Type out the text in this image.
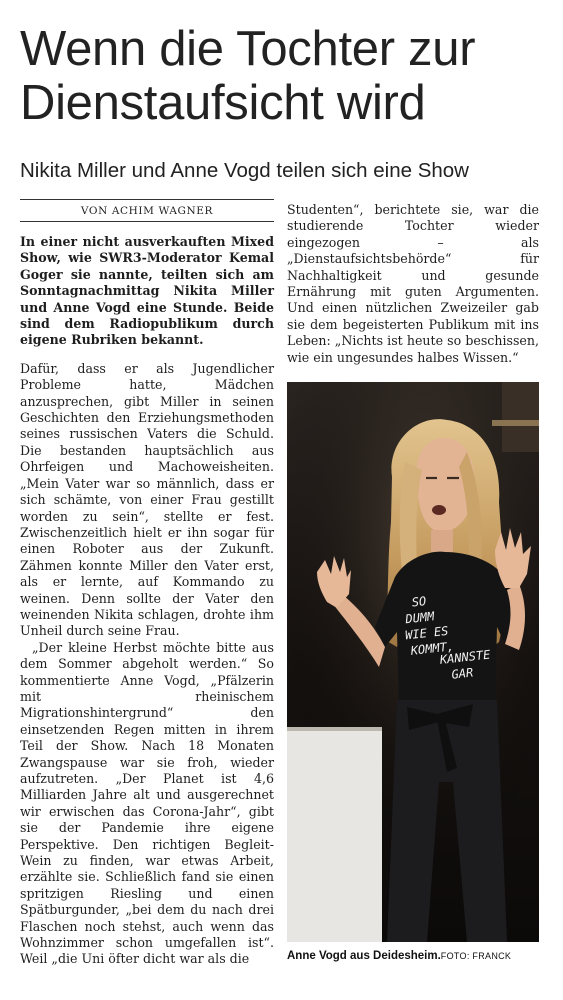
Wenn die Tochter zur Dienstaufsicht wird
Nikita Miller und Anne Vogd teilen sich eine Show
VON ACHIM WAGNER

In einer nicht ausverkauften Mixed Show, wie SWR3-Moderator Kemal Goger sie nannte, teilten sich am Sonntagnachmittag Nikita Miller und Anne Vogd eine Stunde. Beide sind dem Radiopublikum durch eigene Rubriken bekannt.

Dafür, dass er als Jugendlicher Probleme hatte, Mädchen anzusprechen, gibt Miller in seinen Geschichten den Erziehungsmethoden seines russischen Vaters die Schuld. Die bestanden hauptsächlich aus Ohrfeigen und Machoweisheiten. „Mein Vater war so männlich, dass er sich schämte, von einer Frau gestillt worden zu sein“, stellte er fest. Zwischenzeitlich hielt er ihn sogar für einen Roboter aus der Zukunft. Zähmen konnte Miller den Vater erst, als er lernte, auf Kommando zu weinen. Denn sollte der Vater den weinenden Nikita schlagen, drohte ihm Unheil durch seine Frau.

„Der kleine Herbst möchte bitte aus dem Sommer abgeholt werden.“ So kommentierte Anne Vogd, „Pfälzerin mit rheinischem Migrationshintergrund“ den einsetzenden Regen mitten in ihrem Teil der Show. Nach 18 Monaten Zwangspause war sie froh, wieder aufzutreten. „Der Planet ist 4,6 Milliarden Jahre alt und ausgerechnet wir erwischen das Corona-Jahr“, gibt sie der Pandemie ihre eigene Perspektive. Den richtigen Begleit-Wein zu finden, war etwas Arbeit, erzählte sie. Schließlich fand sie einen spritzigen Riesling und einen Spätburgunder, „bei dem du nach drei Flaschen noch stehst, auch wenn das Wohnzimmer schon umgefallen ist“. Weil „die Uni öfter dicht war als die

Studenten“, berichtete sie, war die studierende Tochter wieder eingezogen – als „Dienstaufsichtsbehörde“ für Nachhaltigkeit und gesunde Ernährung mit guten Argumenten. Und einen nützlichen Zweizeiler gab sie dem begeisterten Publikum mit ins Leben: „Nichts ist heute so beschissen, wie ein ungesundes halbes Wissen.“

SO
DUMM
WIE ES
KOMMT,
KANNSTE
GAR
Anne Vogd aus Deidesheim.FOTO: FRANCK
